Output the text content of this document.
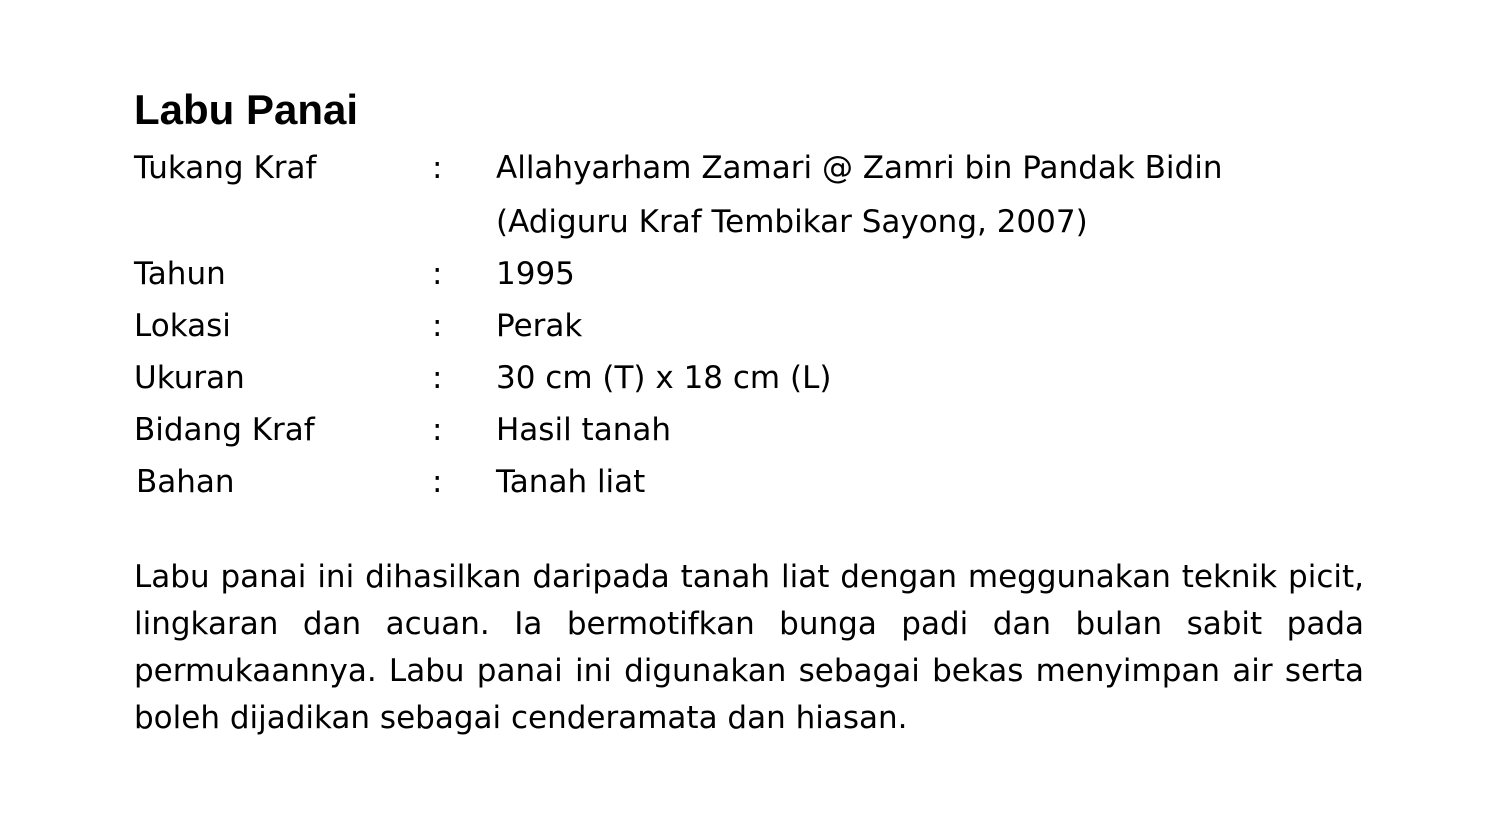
Labu Panai
Tukang Kraf	: Allahyarham Zamari @ Zamri bin Pandak Bidin
(Adiguru Kraf Tembikar Sayong, 2007)
Tahun	: 1995
Lokasi	: Perak
Ukuran	: 30 cm (T) x 18 cm (L)
Bidang Kraf	: Hasil tanah
Bahan	: Tanah liat

Labu panai ini dihasilkan daripada tanah liat dengan meggunakan teknik picit, lingkaran dan acuan. Ia bermotifkan bunga padi dan bulan sabit pada permukaannya. Labu panai ini digunakan sebagai bekas menyimpan air serta boleh dijadikan sebagai cenderamata dan hiasan.
